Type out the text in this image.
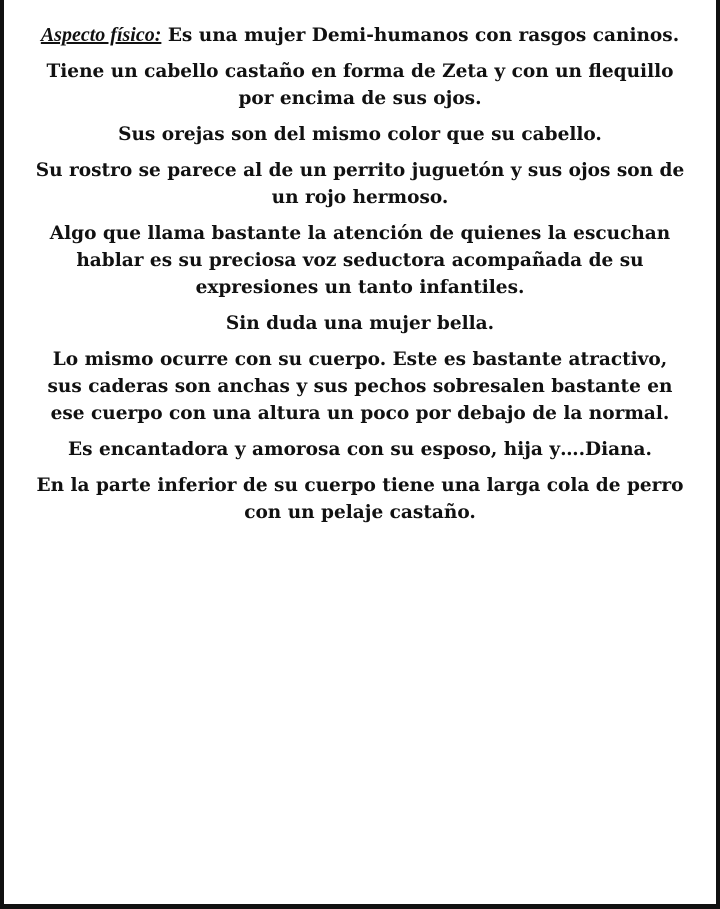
Aspecto físico: Es una mujer Demi-humanos con rasgos caninos.

Tiene un cabello castaño en forma de Zeta y con un flequillo por encima de sus ojos.

Sus orejas son del mismo color que su cabello.

Su rostro se parece al de un perrito juguetón y sus ojos son de un rojo hermoso.

Algo que llama bastante la atención de quienes la escuchan hablar es su preciosa voz seductora acompañada de su expresiones un tanto infantiles.

Sin duda una mujer bella.

Lo mismo ocurre con su cuerpo. Este es bastante atractivo, sus caderas son anchas y sus pechos sobresalen bastante en ese cuerpo con una altura un poco por debajo de la normal.

Es encantadora y amorosa con su esposo, hija y….Diana.

En la parte inferior de su cuerpo tiene una larga cola de perro con un pelaje castaño.
